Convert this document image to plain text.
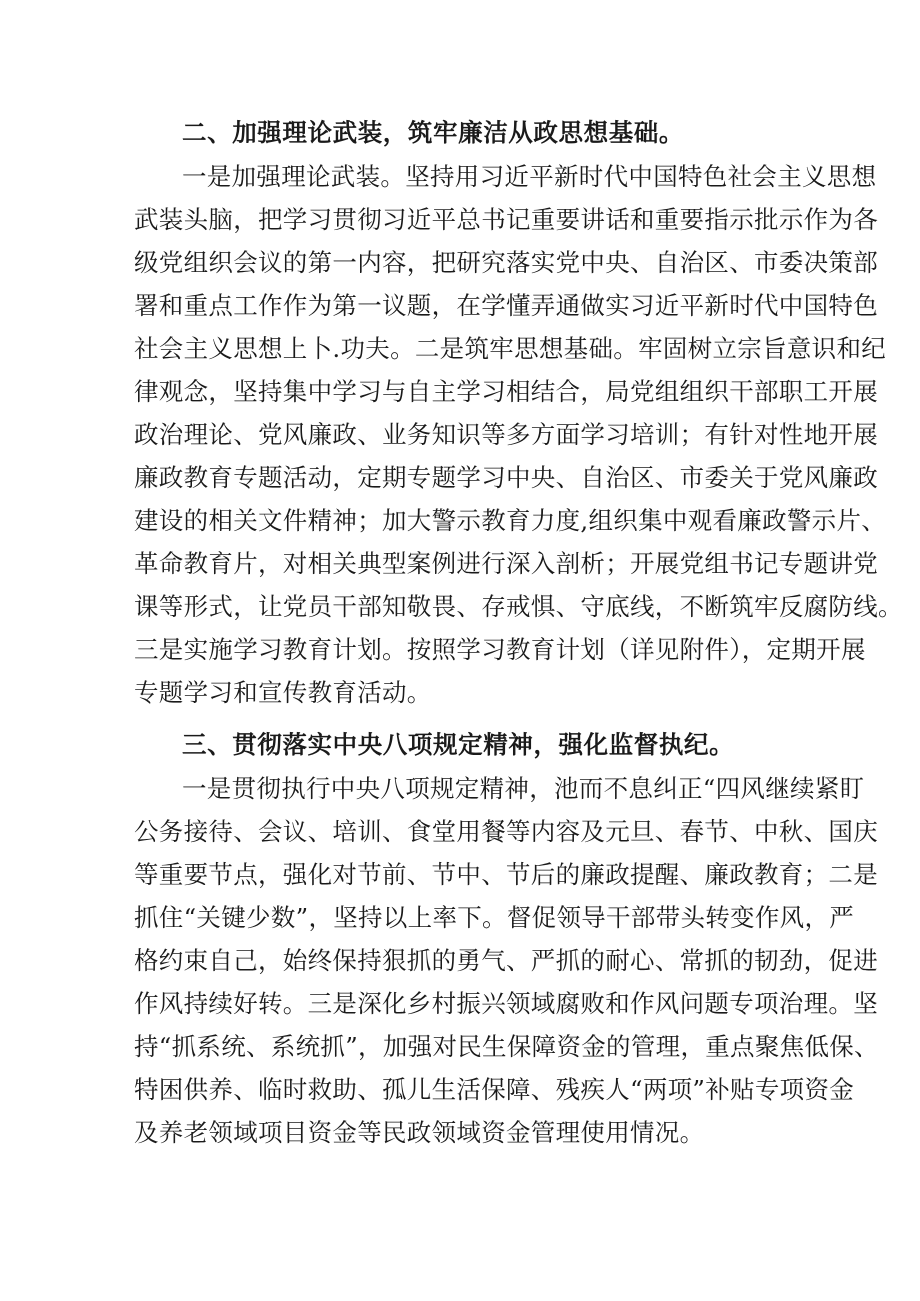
二、加强理论武装，筑牢廉洁从政思想基础。
一是加强理论武装。坚持用习近平新时代中国特色社会主义思想
武装头脑，把学习贯彻习近平总书记重要讲话和重要指示批示作为各
级党组织会议的第一内容，把研究落实党中央、自治区、市委决策部
署和重点工作作为第一议题，在学懂弄通做实习近平新时代中国特色
社会主义思想上卜.功夫。二是筑牢思想基础。牢固树立宗旨意识和纪
律观念，坚持集中学习与自主学习相结合，局党组组织干部职工开展
政治理论、党风廉政、业务知识等多方面学习培训；有针对性地开展
廉政教育专题活动，定期专题学习中央、自治区、市委关于党风廉政
建设的相关文件精神；加大警示教育力度,组织集中观看廉政警示片、
革命教育片，对相关典型案例进行深入剖析；开展党组书记专题讲党
课等形式，让党员干部知敬畏、存戒惧、守底线，不断筑牢反腐防线。
三是实施学习教育计划。按照学习教育计划（详见附件），定期开展
专题学习和宣传教育活动。
三、贯彻落实中央八项规定精神，强化监督执纪。
一是贯彻执行中央八项规定精神，池而不息纠正“四风继续紧盯
公务接待、会议、培训、食堂用餐等内容及元旦、春节、中秋、国庆
等重要节点，强化对节前、节中、节后的廉政提醒、廉政教育；二是
抓住“关键少数”，坚持以上率下。督促领导干部带头转变作风，严
格约束自己，始终保持狠抓的勇气、严抓的耐心、常抓的韧劲，促进
作风持续好转。三是深化乡村振兴领域腐败和作风问题专项治理。坚
持“抓系统、系统抓”，加强对民生保障资金的管理，重点聚焦低保、
特困供养、临时救助、孤儿生活保障、残疾人“两项”补贴专项资金
及养老领域项目资金等民政领域资金管理使用情况。
